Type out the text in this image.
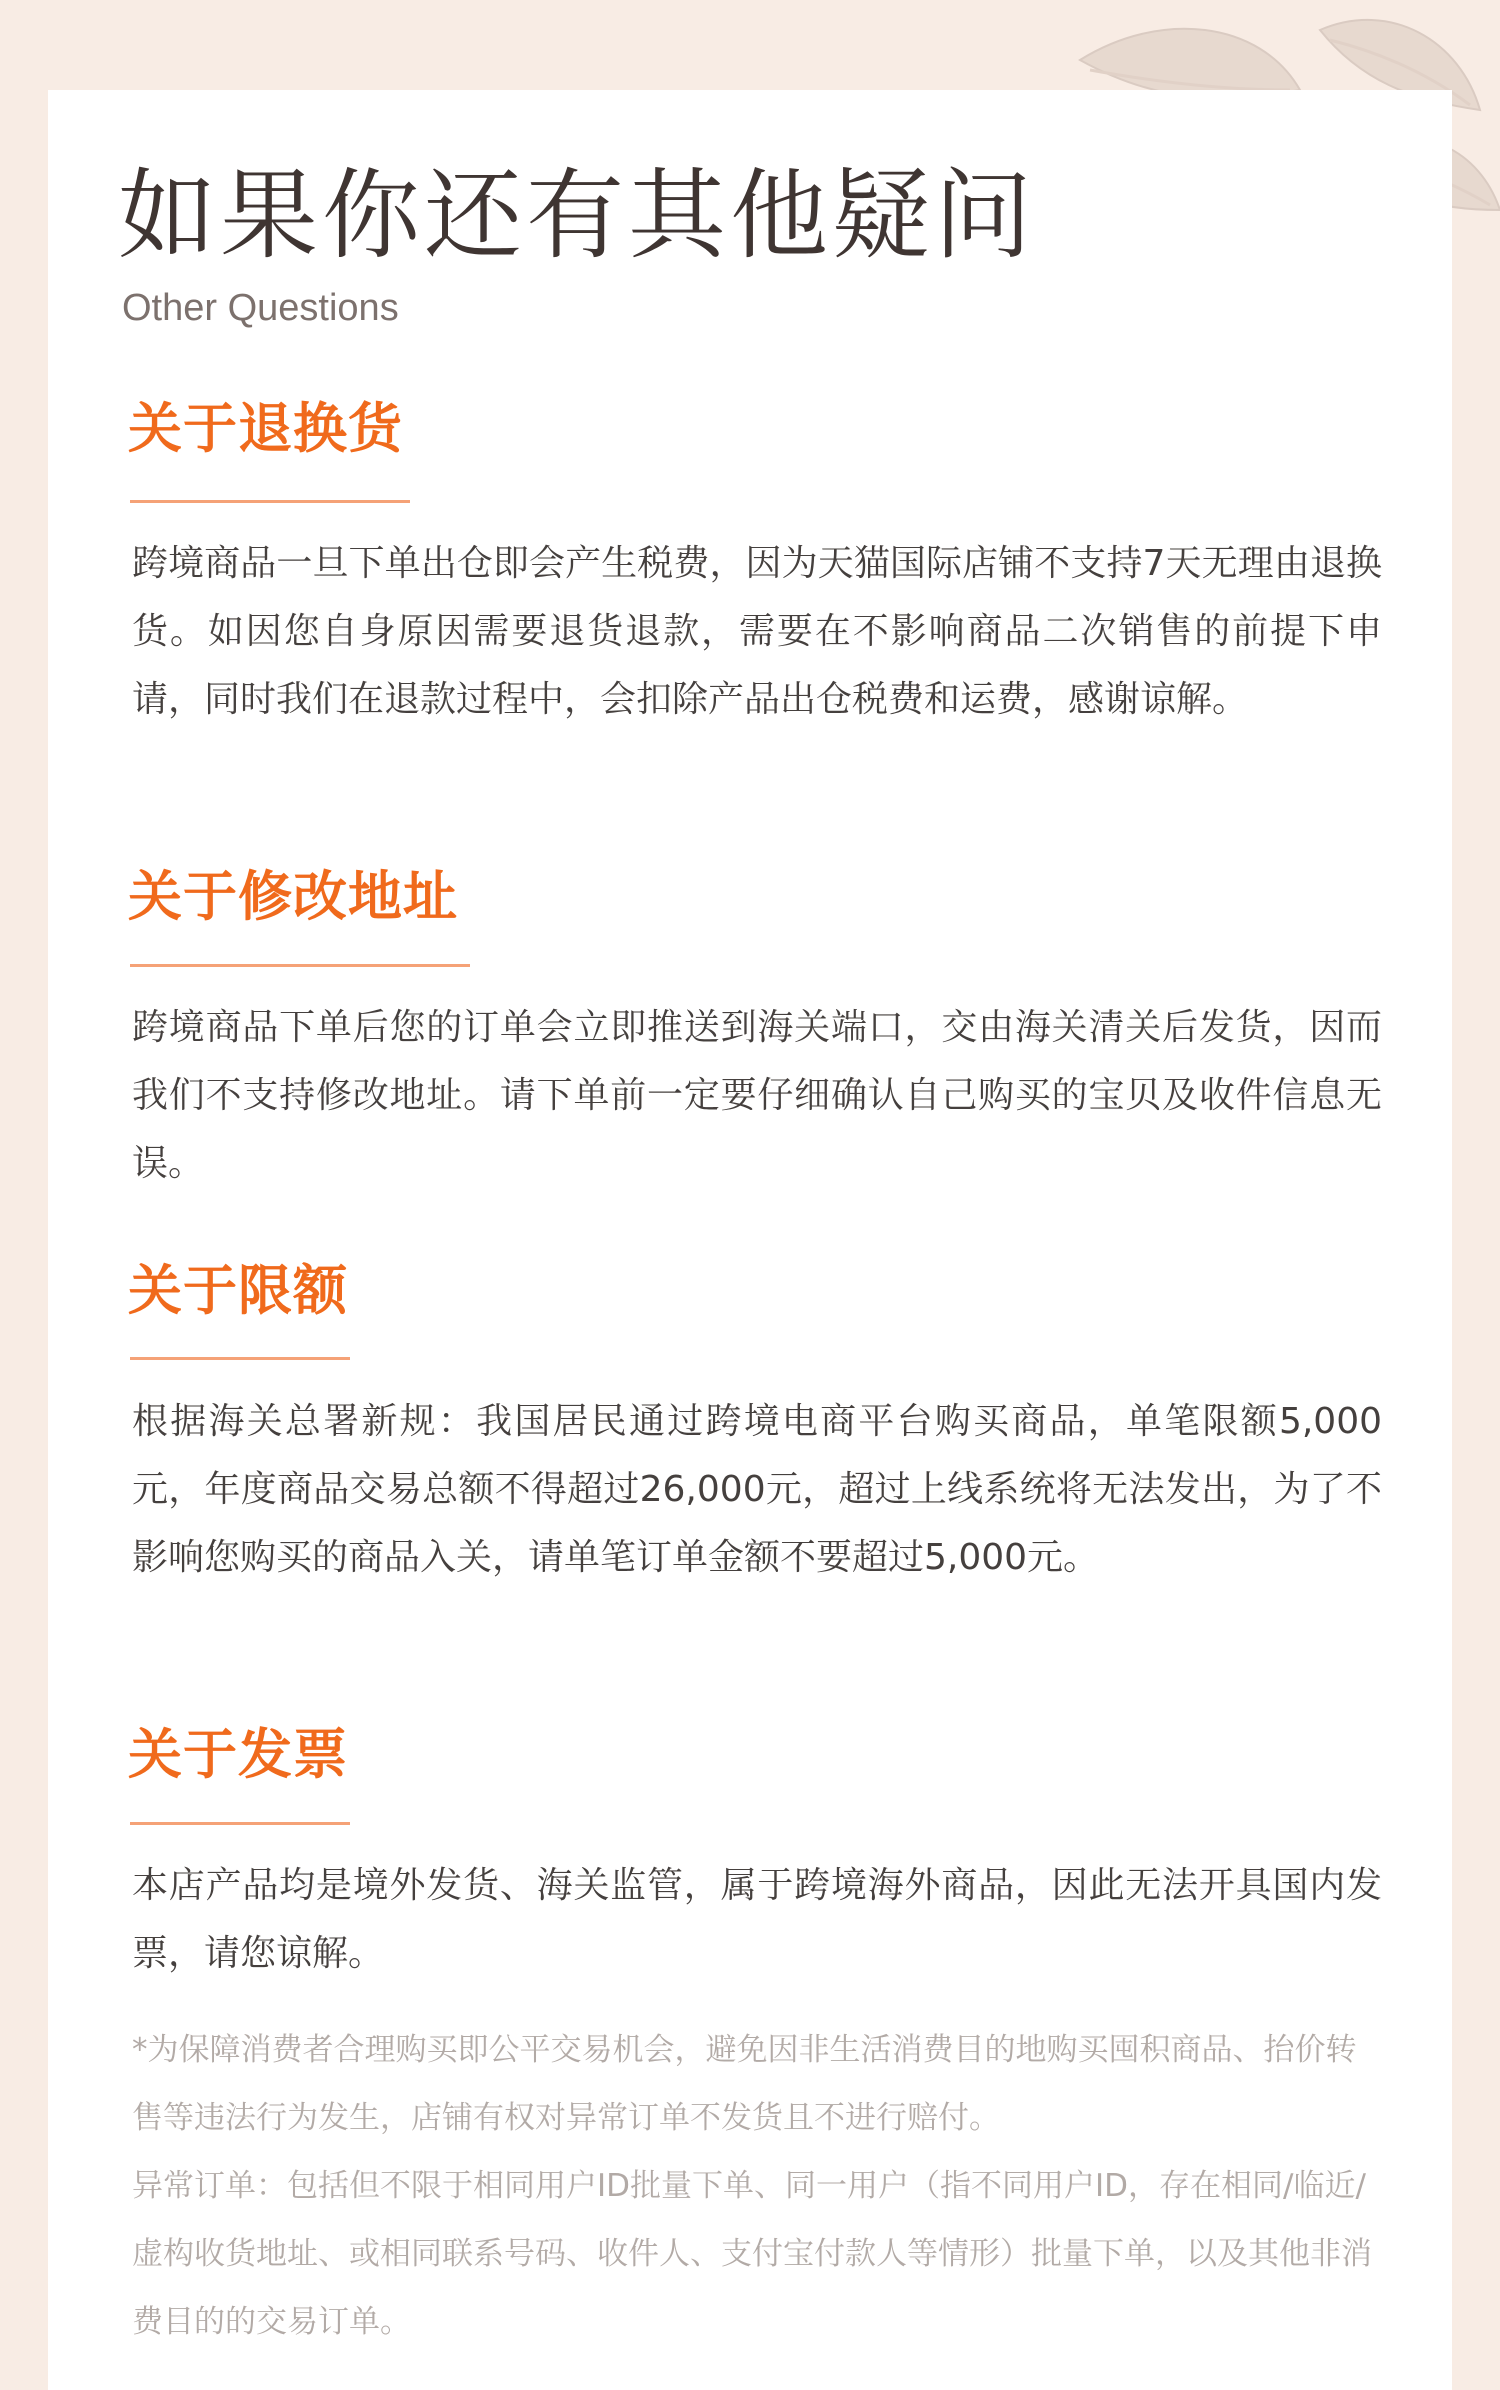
如果你还有其他疑问
Other Questions
关于退换货

跨境商品一旦下单出仓即会产生税费，因为天猫国际店铺不支持7天无理由退换货。如因您自身原因需要退货退款，需要在不影响商品二次销售的前提下申请，同时我们在退款过程中，会扣除产品出仓税费和运费，感谢谅解。

关于修改地址

跨境商品下单后您的订单会立即推送到海关端口，交由海关清关后发货，因而我们不支持修改地址。请下单前一定要仔细确认自己购买的宝贝及收件信息无误。

关于限额

根据海关总署新规：我国居民通过跨境电商平台购买商品，单笔限额5,000元，年度商品交易总额不得超过26,000元，超过上线系统将无法发出，为了不影响您购买的商品入关，请单笔订单金额不要超过5,000元。

关于发票

本店产品均是境外发货、海关监管，属于跨境海外商品，因此无法开具国内发票，请您谅解。

*为保障消费者合理购买即公平交易机会，避免因非生活消费目的地购买囤积商品、抬价转售等违法行为发生，店铺有权对异常订单不发货且不进行赔付。

异常订单：包括但不限于相同用户ID批量下单、同一用户（指不同用户ID，存在相同/临近/虚构收货地址、或相同联系号码、收件人、支付宝付款人等情形）批量下单，以及其他非消费目的的交易订单。
